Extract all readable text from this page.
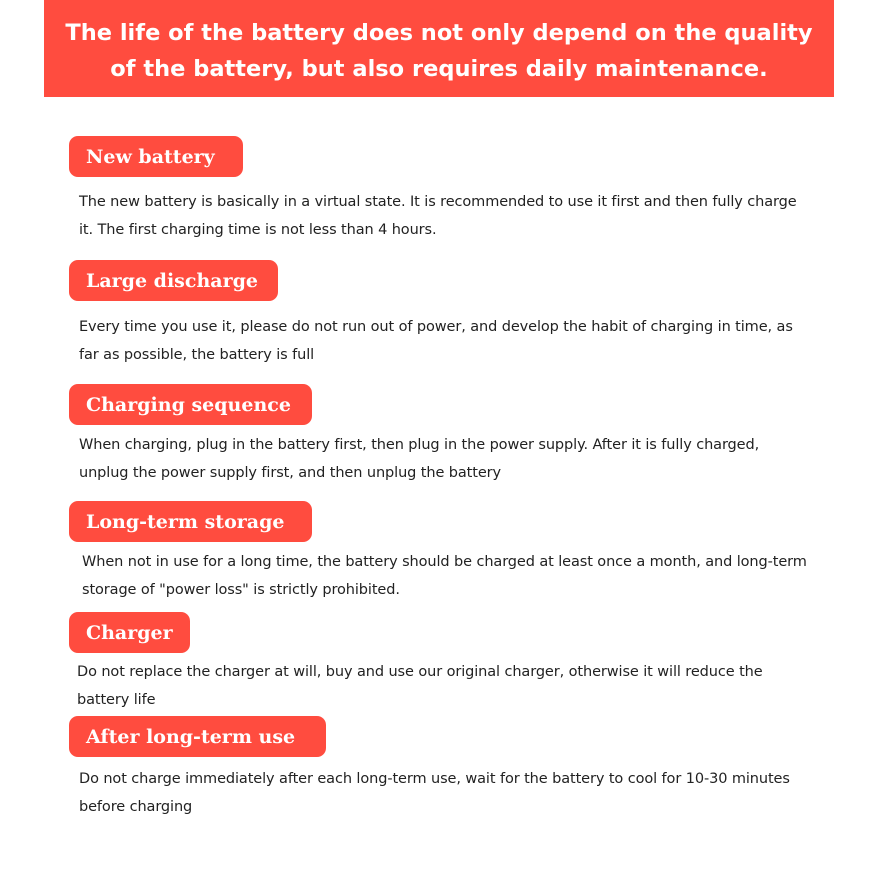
The life of the battery does not only depend on the quality of the battery, but also requires daily maintenance.
New battery
The new battery is basically in a virtual state. It is recommended to use it first and then fully charge it. The first charging time is not less than 4 hours.
Large discharge
Every time you use it, please do not run out of power, and develop the habit of charging in time, as far as possible, the battery is full
Charging sequence
When charging, plug in the battery first, then plug in the power supply. After it is fully charged, unplug the power supply first, and then unplug the battery
Long-term storage
When not in use for a long time, the battery should be charged at least once a month, and long-term storage of "power loss" is strictly prohibited.
Charger
Do not replace the charger at will, buy and use our original charger, otherwise it will reduce the battery life
After long-term use
Do not charge immediately after each long-term use, wait for the battery to cool for 10-30 minutes before charging
